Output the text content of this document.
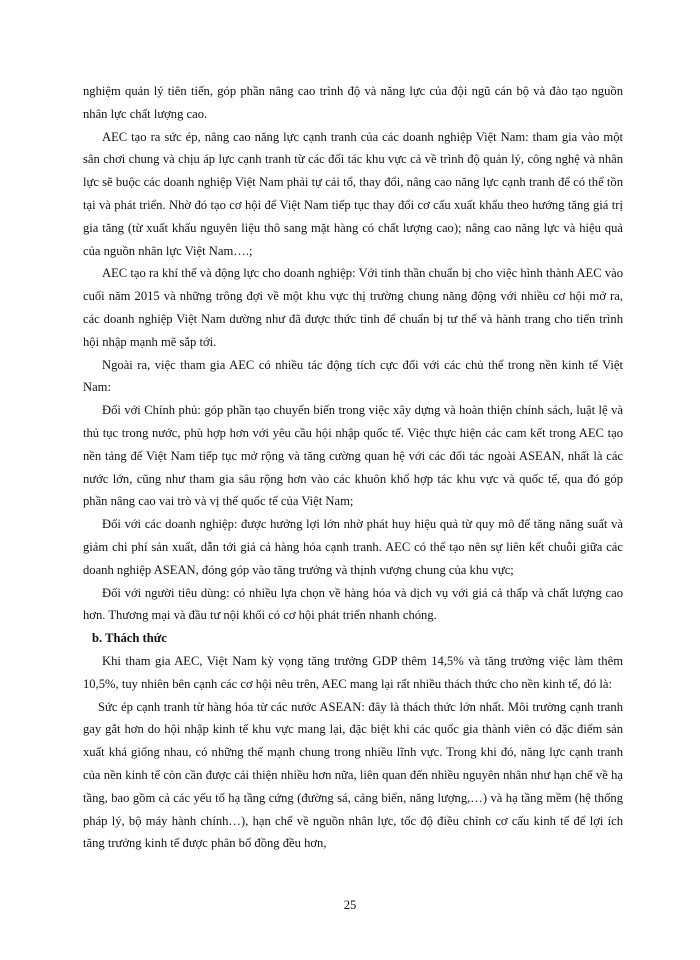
nghiệm quản lý tiên tiến, góp phần nâng cao trình độ và năng lực của đội ngũ cán bộ và đào tạo nguồn nhân lực chất lượng cao.

AEC tạo ra sức ép, nâng cao năng lực cạnh tranh của các doanh nghiệp Việt Nam: tham gia vào một sân chơi chung và chịu áp lực cạnh tranh từ các đối tác khu vực cả về trình độ quản lý, công nghệ và nhân lực sẽ buộc các doanh nghiệp Việt Nam phải tự cải tổ, thay đổi, nâng cao năng lực cạnh tranh để có thể tồn tại và phát triển. Nhờ đó tạo cơ hội để Việt Nam tiếp tục thay đổi cơ cấu xuất khẩu theo hướng tăng giá trị gia tăng (từ xuất khẩu nguyên liệu thô sang mặt hàng có chất lượng cao); nâng cao năng lực và hiệu quả của nguồn nhân lực Việt Nam….;

AEC tạo ra khí thế và động lực cho doanh nghiệp: Với tinh thần chuẩn bị cho việc hình thành AEC vào cuối năm 2015 và những trông đợi về một khu vực thị trường chung năng động với nhiều cơ hội mở ra, các doanh nghiệp Việt Nam dường như đã được thức tỉnh để chuẩn bị tư thế và hành trang cho tiến trình hội nhập mạnh mẽ sắp tới.

Ngoài ra, việc tham gia AEC có nhiều tác động tích cực đối với các chủ thể trong nền kinh tế Việt Nam:

Đối với Chính phủ: góp phần tạo chuyển biến trong việc xây dựng và hoàn thiện chính sách, luật lệ và thủ tục trong nước, phù hợp hơn với yêu cầu hội nhập quốc tế. Việc thực hiện các cam kết trong AEC tạo nền tảng để Việt Nam tiếp tục mở rộng và tăng cường quan hệ với các đối tác ngoài ASEAN, nhất là các nước lớn, cũng như tham gia sâu rộng hơn vào các khuôn khổ hợp tác khu vực và quốc tế, qua đó góp phần nâng cao vai trò và vị thế quốc tế của Việt Nam;

Đối với các doanh nghiệp: được hưởng lợi lớn nhờ phát huy hiệu quả từ quy mô để tăng năng suất và giảm chi phí sản xuất, dẫn tới giá cả hàng hóa cạnh tranh. AEC có thể tạo nên sự liên kết chuỗi giữa các doanh nghiệp ASEAN, đóng góp vào tăng trưởng và thịnh vượng chung của khu vực;

Đối với người tiêu dùng: có nhiều lựa chọn về hàng hóa và dịch vụ với giá cả thấp và chất lượng cao hơn. Thương mại và đầu tư nội khối có cơ hội phát triển nhanh chóng.

b. Thách thức

Khi tham gia AEC, Việt Nam kỳ vọng tăng trưởng GDP thêm 14,5% và tăng trưởng việc làm thêm 10,5%, tuy nhiên bên cạnh các cơ hội nêu trên, AEC mang lại rất nhiều thách thức cho nền kinh tế, đó là:

Sức ép cạnh tranh từ hàng hóa từ các nước ASEAN: đây là thách thức lớn nhất. Môi trường cạnh tranh gay gắt hơn do hội nhập kinh tế khu vực mang lại, đặc biệt khi các quốc gia thành viên có đặc điểm sản xuất khá giống nhau, có những thế mạnh chung trong nhiều lĩnh vực. Trong khi đó, năng lực cạnh tranh của nền kinh tế còn cần được cải thiện nhiều hơn nữa, liên quan đến nhiều nguyên nhân như hạn chế về hạ tầng, bao gồm cả các yếu tố hạ tầng cứng (đường sá, cảng biển, năng lượng,…) và hạ tầng mềm (hệ thống pháp lý, bộ máy hành chính…), hạn chế về nguồn nhân lực, tốc độ điều chỉnh cơ cấu kinh tế để lợi ích tăng trưởng kinh tế được phân bổ đồng đều hơn,

25
